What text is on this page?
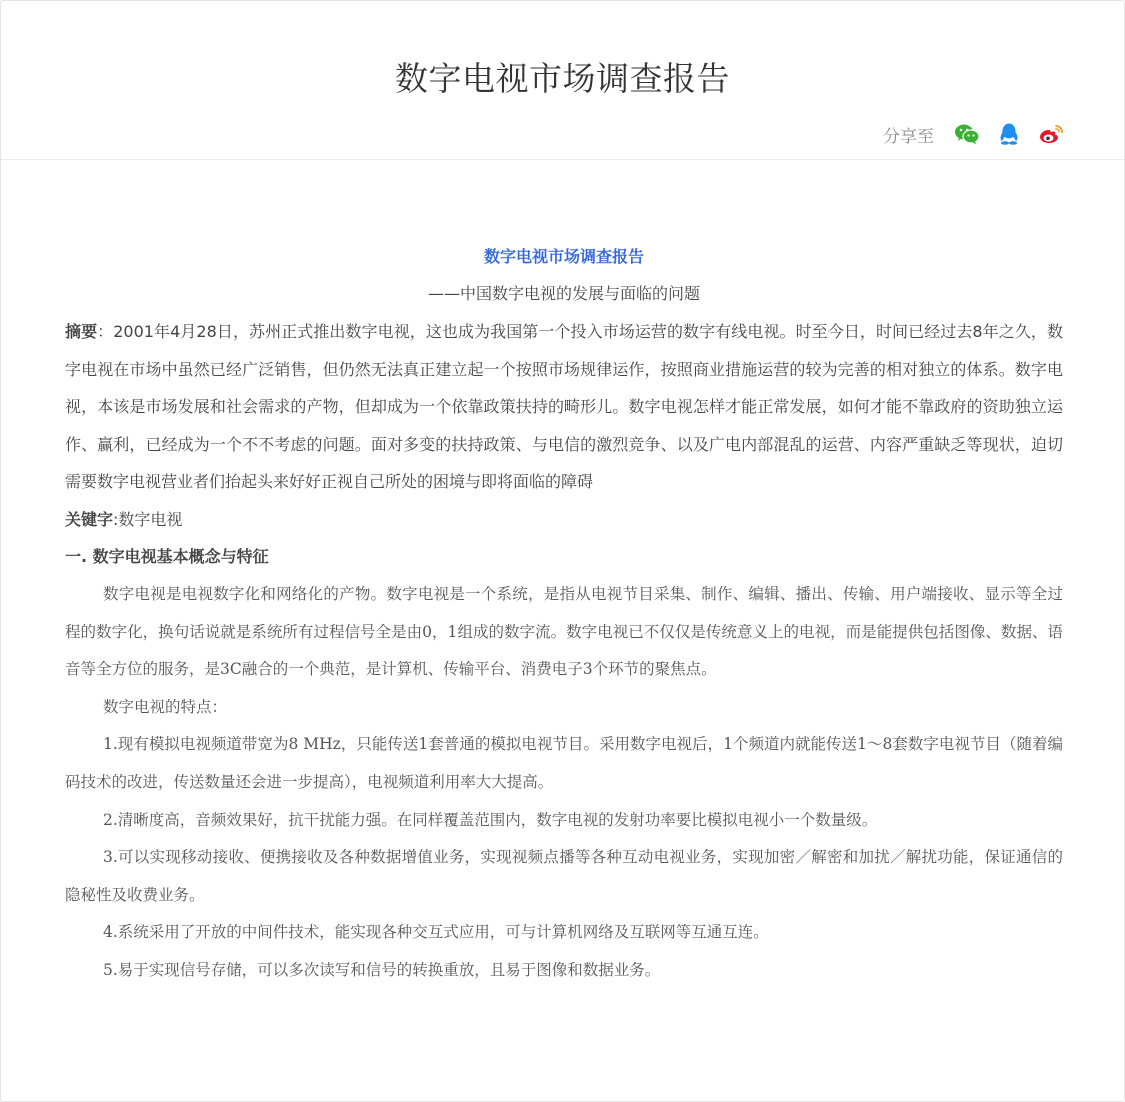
数字电视市场调查报告
分享至
数字电视市场调查报告
——中国数字电视的发展与面临的问题

摘要：2001年4月28日，苏州正式推出数字电视，这也成为我国第一个投入市场运营的数字有线电视。时至今日，时间已经过去8年之久，数字电视在市场中虽然已经广泛销售，但仍然无法真正建立起一个按照市场规律运作，按照商业措施运营的较为完善的相对独立的体系。数字电视，本该是市场发展和社会需求的产物，但却成为一个依靠政策扶持的畸形儿。数字电视怎样才能正常发展，如何才能不靠政府的资助独立运作、赢利，已经成为一个不不考虑的问题。面对多变的扶持政策、与电信的激烈竞争、以及广电内部混乱的运营、内容严重缺乏等现状，迫切需要数字电视营业者们抬起头来好好正视自己所处的困境与即将面临的障碍

关键字:数字电视

一. 数字电视基本概念与特征

数字电视是电视数字化和网络化的产物。数字电视是一个系统，是指从电视节目采集、制作、编辑、播出、传输、用户端接收、显示等全过程的数字化，换句话说就是系统所有过程信号全是由0，1组成的数字流。数字电视已不仅仅是传统意义上的电视，而是能提供包括图像、数据、语音等全方位的服务，是3C融合的一个典范，是计算机、传输平台、消费电子3个环节的聚焦点。

数字电视的特点：

1.现有模拟电视频道带宽为8 MHz，只能传送1套普通的模拟电视节目。采用数字电视后，1个频道内就能传送1～8套数字电视节目（随着编码技术的改进，传送数量还会进一步提高），电视频道利用率大大提高。

2.清晰度高，音频效果好，抗干扰能力强。在同样覆盖范围内，数字电视的发射功率要比模拟电视小一个数量级。

3.可以实现移动接收、便携接收及各种数据增值业务，实现视频点播等各种互动电视业务，实现加密／解密和加扰／解扰功能，保证通信的隐秘性及收费业务。

4.系统采用了开放的中间件技术，能实现各种交互式应用，可与计算机网络及互联网等互通互连。

5.易于实现信号存储，可以多次读写和信号的转换重放，且易于图像和数据业务。
